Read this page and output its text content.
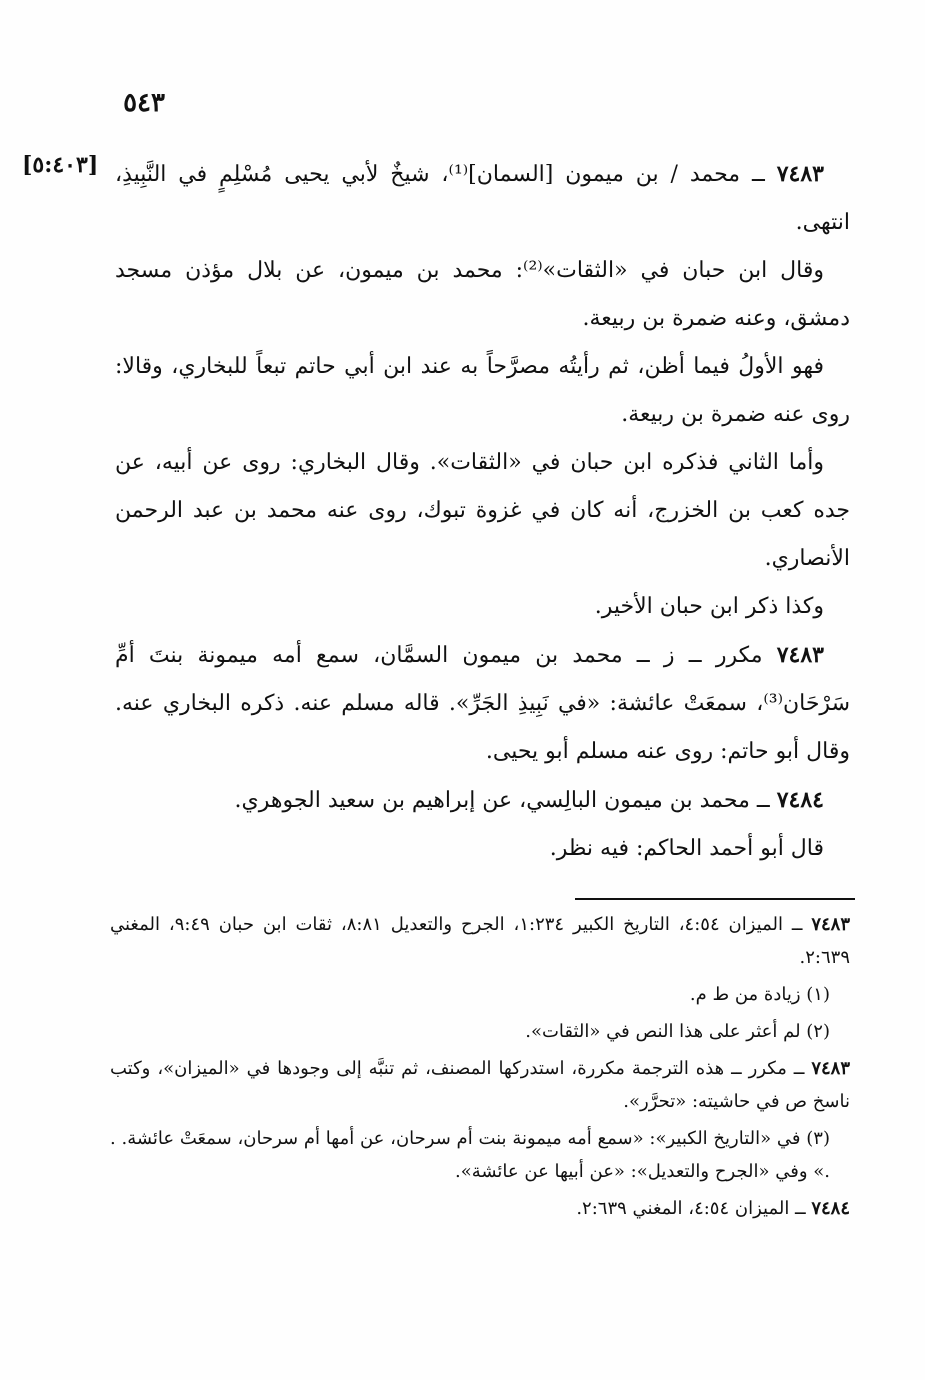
٥٤٣
[٥:٤٠٣]	٧٤٨٣ ــ محمد / بن ميمون [السمان]⁽¹⁾، شيخٌ لأبي يحيى مُسْلِمٍ في النَّبِيذِ، انتهى.

وقال ابن حبان في «الثقات»⁽²⁾: محمد بن ميمون، عن بلال مؤذن مسجد دمشق، وعنه ضمرة بن ربيعة.

فهو الأولُ فيما أظن، ثم رأيتُه مصرَّحاً به عند ابن أبي حاتم تبعاً للبخاري، وقالا: روى عنه ضمرة بن ربيعة.

وأما الثاني فذكره ابن حبان في «الثقات». وقال البخاري: روى عن أبيه، عن جده كعب بن الخزرج، أنه كان في غزوة تبوك، روى عنه محمد بن عبد الرحمن الأنصاري.

وكذا ذكر ابن حبان الأخير.

٧٤٨٣ مكرر ــ ز ــ محمد بن ميمون السمَّان، سمع أمه ميمونة بنتَ أمِّ سَرْحَان⁽³⁾، سمعَتْ عائشة: «في نَبِيذِ الجَرِّ». قاله مسلم عنه. ذكره البخاري عنه. وقال أبو حاتم: روى عنه مسلم أبو يحيى.

٧٤٨٤ ــ محمد بن ميمون البالِسي، عن إبراهيم بن سعيد الجوهري.

قال أبو أحمد الحاكم: فيه نظر.

٧٤٨٣ ــ الميزان ٤:٥٤، التاريخ الكبير ١:٢٣٤، الجرح والتعديل ٨:٨١، ثقات ابن حبان ٩:٤٩، المغني ٢:٦٣٩.

(١) زيادة من ط م.

(٢) لم أعثر على هذا النص في «الثقات».

٧٤٨٣ ــ مكرر ــ هذه الترجمة مكررة، استدركها المصنف، ثم تنبَّه إلى وجودها في «الميزان»، وكتب ناسخ ص في حاشيته: «تحرَّر».

(٣) في «التاريخ الكبير»: «سمع أمه ميمونة بنت أم سرحان، عن أمها أم سرحان، سمعَتْ عائشة. . .» وفي «الجرح والتعديل»: «عن أبيها عن عائشة».

٧٤٨٤ ــ الميزان ٤:٥٤، المغني ٢:٦٣٩.
